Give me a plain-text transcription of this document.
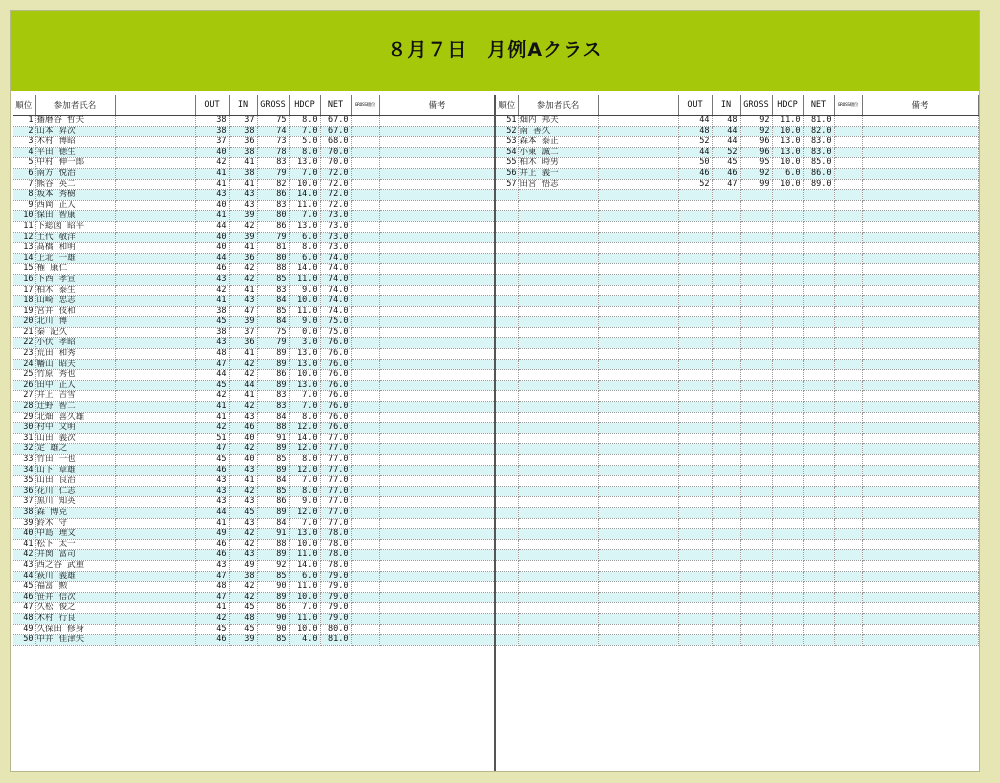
８月７日　月例Aクラス
順位	参加者氏名		OUT	IN	GROSS	HDCP	NET	GROSS順位	備考
1	播磨谷 哲夫		38	37	75	8.0	67.0		
2	山本 昇次		38	38	74	7.0	67.0		
3	木村 博昭		37	36	73	5.0	68.0		
4	平田 徳生		40	38	78	8.0	70.0		
5	中村 伸一郎		42	41	83	13.0	70.0		
6	南方 悦治		41	38	79	7.0	72.0		
7	熊谷 英二		41	41	82	10.0	72.0		
8	坂本 秀樹		43	43	86	14.0	72.0		
9	西岡 正人		40	43	83	11.0	72.0		
10	保田 智康		41	39	80	7.0	73.0		
11	下総図 昭平		44	42	86	13.0	73.0		
12	土代 敬洋		40	39	79	6.0	73.0		
13	髙橋 和明		40	41	81	8.0	73.0		
14	上北 一雄		44	36	80	6.0	74.0		
15	権 康仁		46	42	88	14.0	74.0		
16	下西 孝宣		43	42	85	11.0	74.0		
17	柏木 泰生		42	41	83	9.0	74.0		
18	山崎 忠志		41	43	84	10.0	74.0		
19	宮井 伎和		38	47	85	11.0	74.0		
20	北川 博		45	39	84	9.0	75.0		
21	秦 記久		38	37	75	0.0	75.0		
22	小伏 孝昭		43	36	79	3.0	76.0		
23	荒田 和秀		48	41	89	13.0	76.0		
24	幡山 昭夫		47	42	89	13.0	76.0		
25	竹原 秀也		44	42	86	10.0	76.0		
26	田中 正人		45	44	89	13.0	76.0		
27	井上 吉雪		42	41	83	7.0	76.0		
28	辻野 智二		41	42	83	7.0	76.0		
29	北畑 喜久雄		41	43	84	8.0	76.0		
30	村中 文明		42	46	88	12.0	76.0		
31	山田 義次		51	40	91	14.0	77.0		
32	定 雄之		47	42	89	12.0	77.0		
33	竹田 一也		45	40	85	8.0	77.0		
34	山下 章雄		46	43	89	12.0	77.0		
35	山田 良治		43	41	84	7.0	77.0		
36	花川 仁志		43	42	85	8.0	77.0		
37	黒川 知英		43	43	86	9.0	77.0		
38	森 博克		44	45	89	12.0	77.0		
39	鈴木 守		41	43	84	7.0	77.0		
40	中島 理文		49	42	91	13.0	78.0		
41	松下 太一		46	42	88	10.0	78.0		
42	井関 富司		46	43	89	11.0	78.0		
43	西之谷 武重		43	49	92	14.0	78.0		
44	萩川 義雄		47	38	85	6.0	79.0		
45	福富 勲		48	42	90	11.0	79.0		
46	笹井 信次		47	42	89	10.0	79.0		
47	久松 俊之		41	45	86	7.0	79.0		
48	木村 行良		42	48	90	11.0	79.0		
49	久保田 修身		45	45	90	10.0	80.0		
50	中井 佳津矢		46	39	85	4.0	81.0		
順位	参加者氏名		OUT	IN	GROSS	HDCP	NET	GROSS順位	備考
51	畑内 邦夫		44	48	92	11.0	81.0		
52	南 善久		48	44	92	10.0	82.0		
53	森本 泰正		52	44	96	13.0	83.0		
54	小東 誠二		44	52	96	13.0	83.0		
55	柏木 時男		50	45	95	10.0	85.0		
56	井上 義一		46	46	92	6.0	86.0		
57	田宮 悟志		52	47	99	10.0	89.0		
